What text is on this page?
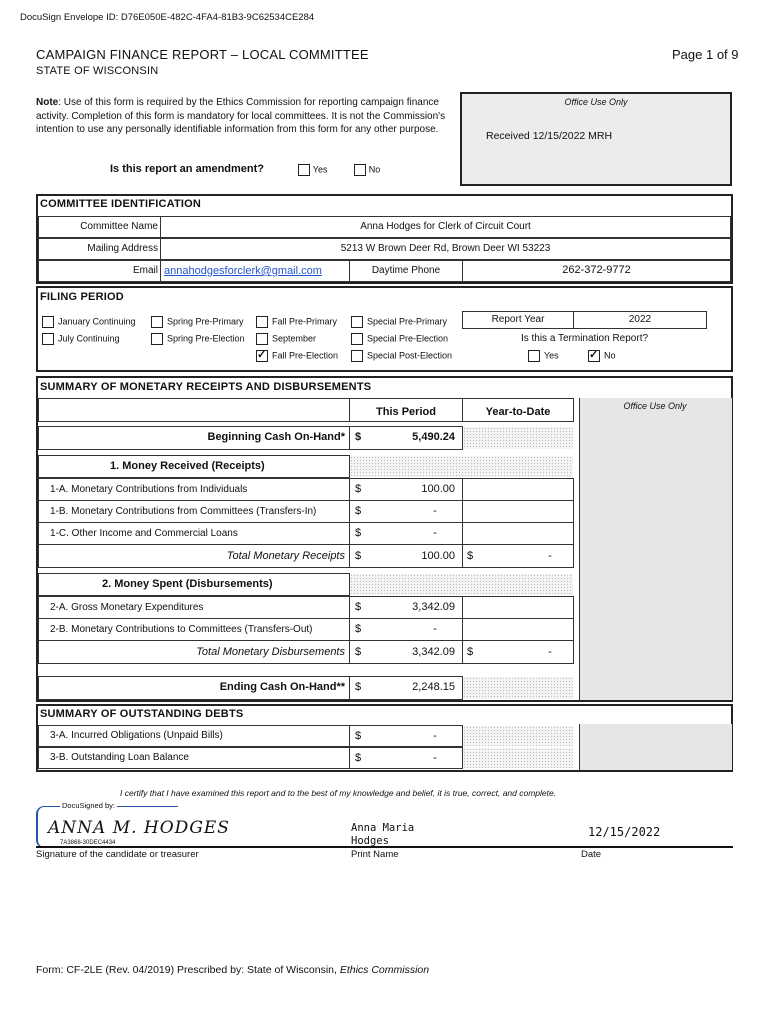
DocuSign Envelope ID: D76E050E-482C-4FA4-81B3-9C62534CE284
CAMPAIGN FINANCE REPORT – LOCAL COMMITTEE
STATE OF WISCONSIN
Page 1 of 9
Note: Use of this form is required by the Ethics Commission for reporting campaign finance activity. Completion of this form is mandatory for local committees. It is not the Commission's intention to use any personally identifiable information from this form for any other purpose.
Office Use Only
Received 12/15/2022 MRH
Is this report an amendment?	Yes	No
COMMITTEE IDENTIFICATION
Committee Name	Anna Hodges for Clerk of Circuit Court
Mailing Address	5213 W Brown Deer Rd, Brown Deer WI 53223
Email annahodgesforclerk@gmail.com	Daytime Phone	262-372-9772
FILING PERIOD
January Continuing
July Continuing
Spring Pre-Primary
Spring Pre-Election
Fall Pre-Primary
September
✓Fall Pre-Election
Special Pre-Primary
Special Pre-Election
Special Post-Election
Report Year	2022
Is this a Termination Report?
Yes
✓	No
SUMMARY OF MONETARY RECEIPTS AND DISBURSEMENTS
Office Use Only
This Period	Year-to-Date
Beginning Cash On-Hand* $	5,490.24
1. Money Received (Receipts)
1-A. Monetary Contributions from Individuals	$	100.00
1-B. Monetary Contributions from Committees (Transfers-In)	$	-
1-C. Other Income and Commercial Loans	$	-
Total Monetary Receipts $	100.00 $	-
2. Money Spent (Disbursements)
2-A. Gross Monetary Expenditures	$	3,342.09
2-B. Monetary Contributions to Committees (Transfers-Out)	$	-
Total Monetary Disbursements $	3,342.09 $	-
Ending Cash On-Hand** $	2,248.15
SUMMARY OF OUTSTANDING DEBTS
3-A. Incurred Obligations (Unpaid Bills)	$	-
3-B. Outstanding Loan Balance	$	-
I certify that I have examined this report and to the best of my knowledge and belief, it is true, correct, and complete.
DocuSigned by:
ANNA M. HODGES
7A3868-30DEC4434
Signature of the candidate or treasurer
Anna Maria
Hodges
Print Name
12/15/2022
Date
Form: CF-2LE (Rev. 04/2019) Prescribed by: State of Wisconsin, Ethics Commission
